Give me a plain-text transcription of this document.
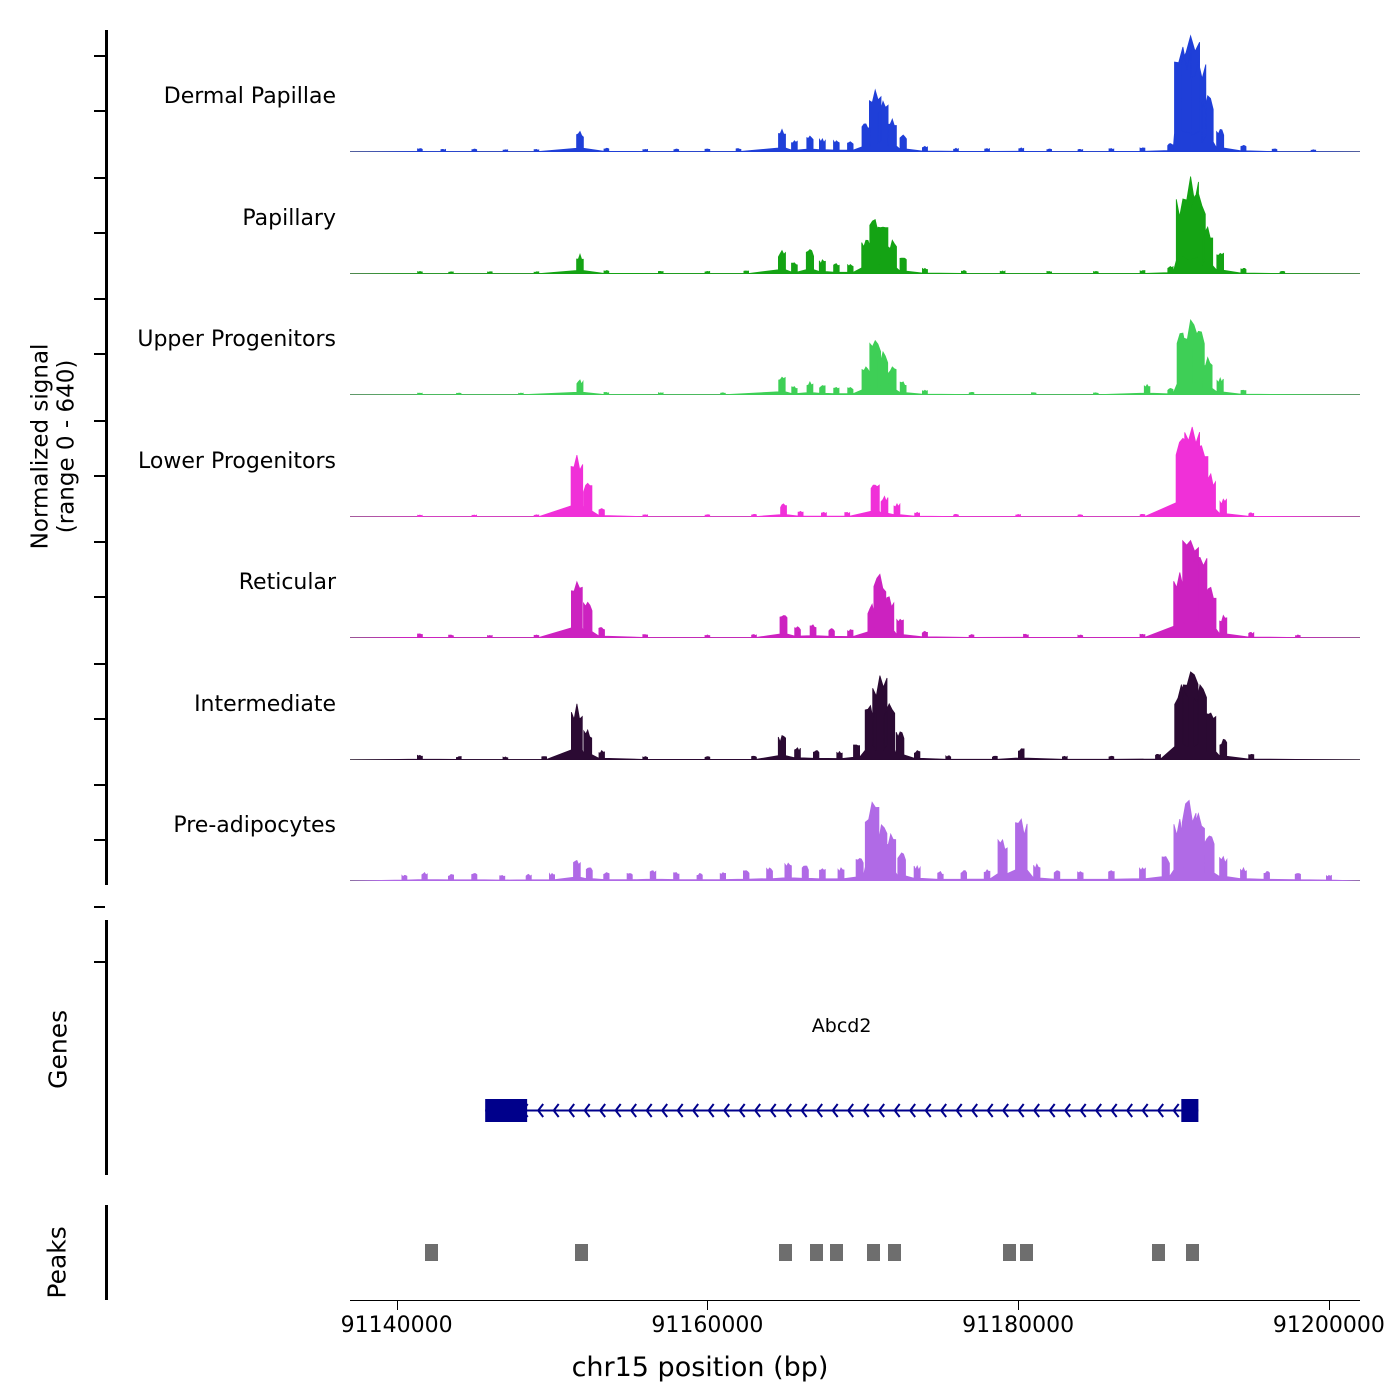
Normalized signal (range 0 - 640)
Genes
Peaks
Dermal Papillae
Papillary
Upper Progenitors
Lower Progenitors
Reticular
Intermediate
Pre-adipocytes
Abcd2
91140000	91160000	91180000	91200000
chr15 position (bp)
